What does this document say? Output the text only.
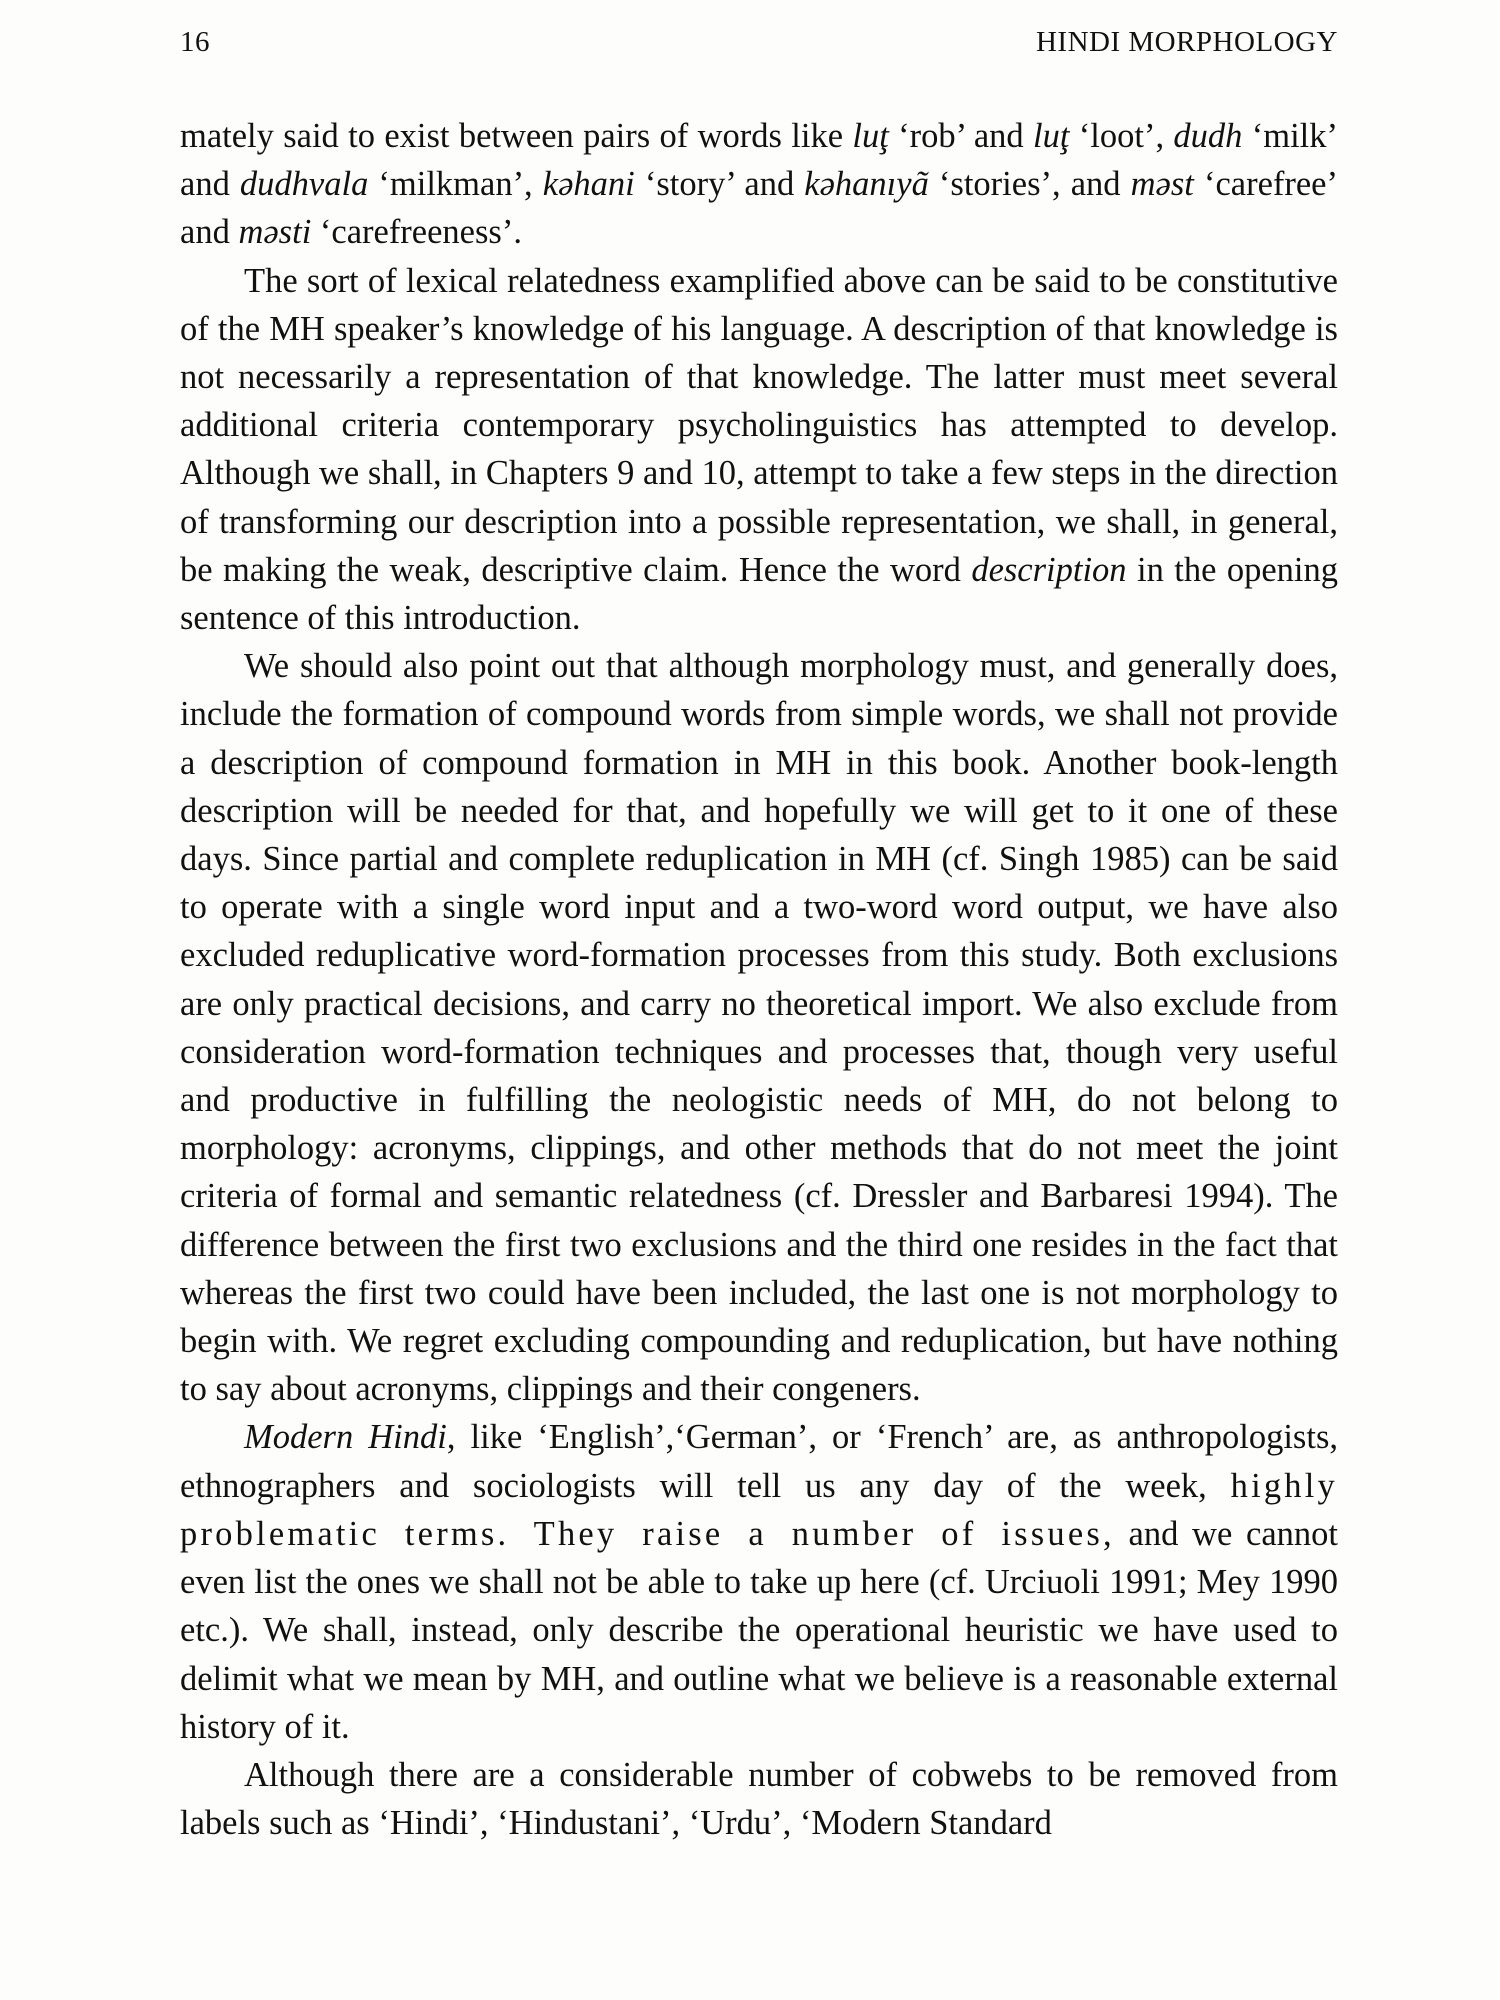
16	HINDI MORPHOLOGY

mately said to exist between pairs of words like luţ ‘rob’ and luţ ‘loot’, dudh ‘milk’ and dudhvala ‘milkman’, kəhani ‘story’ and kəhanıyã ‘stories’, and məst ‘carefree’ and məsti ‘carefreeness’.

The sort of lexical relatedness examplified above can be said to be constitutive of the MH speaker’s knowledge of his language. A description of that knowledge is not necessarily a representation of that knowledge. The latter must meet several additional criteria contemporary psycholinguistics has attempted to develop. Although we shall, in Chapters 9 and 10, attempt to take a few steps in the direction of transforming our description into a possible representation, we shall, in general, be making the weak, descriptive claim. Hence the word description in the opening sentence of this introduction.

We should also point out that although morphology must, and generally does, include the formation of compound words from simple words, we shall not provide a description of compound formation in MH in this book. Another book-length description will be needed for that, and hopefully we will get to it one of these days. Since partial and complete reduplication in MH (cf. Singh 1985) can be said to operate with a single word input and a two-word word output, we have also excluded reduplicative word-formation processes from this study. Both exclusions are only practical decisions, and carry no theoretical import. We also exclude from consideration word-formation techniques and processes that, though very useful and productive in fulfilling the neologistic needs of MH, do not belong to morphology: acronyms, clippings, and other methods that do not meet the joint criteria of formal and semantic relatedness (cf. Dressler and Barbaresi 1994). The difference between the first two exclusions and the third one resides in the fact that whereas the first two could have been included, the last one is not morphology to begin with. We regret excluding compounding and reduplication, but have nothing to say about acronyms, clippings and their congeners.

Modern Hindi, like ‘English’,‘German’, or ‘French’ are, as anthropologists, ethnographers and sociologists will tell us any day of the week, highly problematic terms. They raise a number of issues, and we cannot even list the ones we shall not be able to take up here (cf. Urciuoli 1991; Mey 1990 etc.). We shall, instead, only describe the operational heuristic we have used to delimit what we mean by MH, and outline what we believe is a reasonable external history of it.

Although there are a considerable number of cobwebs to be removed from labels such as ‘Hindi’, ‘Hindustani’, ‘Urdu’, ‘Modern Standard
